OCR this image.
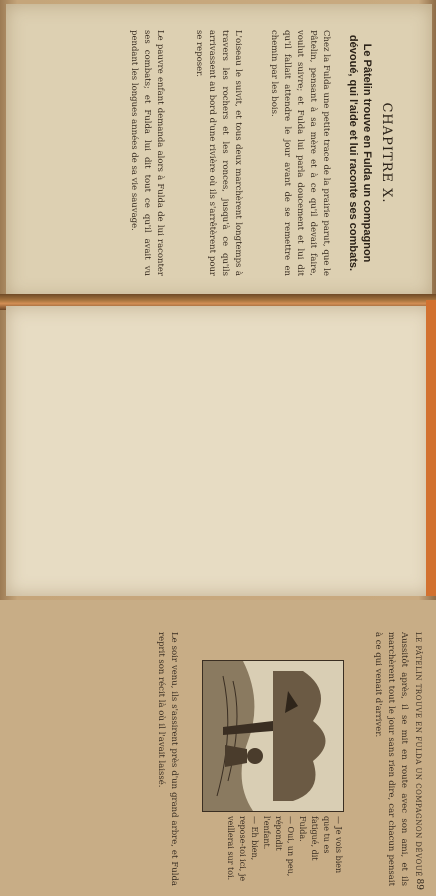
CHAPITRE X.
Le Pâtelin trouve en Fulda un compagnon dévoué, qui l'aide et lui raconte ses combats.
Chez la Fulda une petite trace de la prairie parut, que le Pâtelin, pensant à sa mère et à ce qu'il devait faire, voulut suivre; et Fulda lui parla doucement et lui dit qu'il fallait attendre le jour avant de se remettre en chemin par les bois.
L'oiseau le suivit, et tous deux marchèrent longtemps à travers les rochers et les ronces, jusqu'à ce qu'ils arrivassent au bord d'une rivière où ils s'arrêtèrent pour se reposer.
Le pauvre enfant demanda alors à Fulda de lui raconter ses combats; et Fulda lui dit tout ce qu'il avait vu pendant les longues années de sa vie sauvage.
LE PÂTELIN TROUVE EN FULDA UN COMPAGNON DÉVOUÉ
89
Aussitôt après, il se mit en route avec son ami, et ils marchèrent tout le jour sans rien dire, car chacun pensait à ce qui venait d'arriver.
— Je vois bien que tu es fatigué, dit Fulda.
— Oui, un peu, répondit l'enfant.
— Eh bien, repose-toi ici, je veillerai sur toi.
Le soir venu, ils s'assirent près d'un grand arbre, et Fulda reprit son récit là où il l'avait laissé.
